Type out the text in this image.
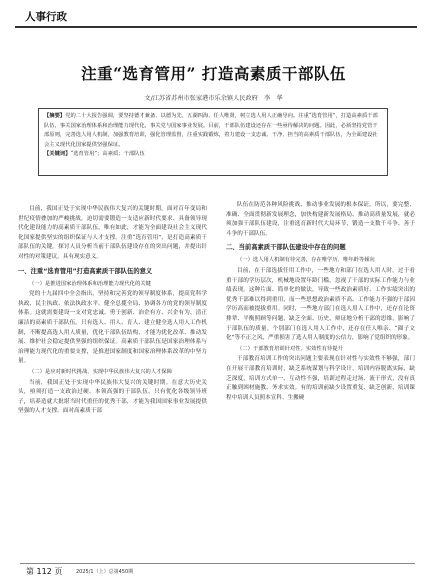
人事行政
注重“选育管用” 打造高素质干部队伍
文/江苏省苏州市张家港市乐余镇人民政府　李　华

【摘要】党的二十大报告强调，要坚持德才兼备、以德为先、五湖四海、任人唯贤，树立选人用人正确导向。注重“选育管用”，打造高素质干部队伍，事关国家治理体系和治理能力现代化，事关党与国家事业发展。目前，干部队伍建设还存在一些亟待解决的问题。因此，必须坚持党管干部原则，完善选人用人机制，加强教育培训，强化管理监督，注重实践锻炼，着力建设一支忠诚、干净、担当的高素质干部队伍，为全面建设社会主义现代化国家提供坚强保证。

【关键词】“选育管用”；高素质；干部队伍

目前，我国正处于实现中华民族伟大复兴的关键时期，面对百年变局和世纪疫情叠加的严峻挑战，迫切需要锻造一支适应新时代要求、具备领导现代化建设能力的高素质干部队伍。唯有如此，才能为全面建设社会主义现代化国家提供坚实的组织保证与人才支撑。注重“选育管用”，是打造高素质干部队伍的关键。探讨人员分析当前干部队伍建设存在的突出问题，并提出针对性的对策建议，具有现实意义。

一、注重“选育管用”打造高素质干部队伍的意义

（一）是推进国家治理体系和治理能力现代化的关键

党的十九届四中全会指出，坚持和完善党的领导制度体系，提高党科学执政、民主执政、依法执政水平。健全总揽全局、协调各方的党的领导制度体系。这就需要建设一支对党忠诚、勇于创新、治企有方、兴企有为、清正廉洁的高素质干部队伍。只有选人、用人、育人、建立健全选人用人工作机制，不断提高选人用人质量，优化干部队伍结构，才能为优化改革、推动发展、维护社会稳定提供坚强的组织保证。高素质干部队伍是国家治理体系与治理能力现代化的重要支撑，是推进国家制度和国家治理体系改革的中坚力量。

（二）是应对新时代挑战、实现中华民族伟大复兴的人才保障

当前，我国正处于实现中华民族伟大复兴的关键时期。在意大历史关头，亟须打造一支政治过硬、本领高强的干部队伍。只有优化各级领导班子，培养造就大批堪当时代重任的优秀干部，才能为我国国家事业发展提供坚强的人才支撑。面对高素质干部

队伍在防范各种风险挑战、推动事业发展的根本保证，所以，要完整、准确、全面贯彻新发展理念，加快构建新发展格局、推动高质量发展，就必须加强干部队伍建设，注重选育新时代大局环节，锻造一支数千斗争、善于斗争的干部队伍。

二、当前高素质干部队伍建设中存在的问题

（一）选人用人机制有待完善，存在唯学历、唯年龄等倾向

目前，在干部选拔任用工作中，一些地方和部门在选人用人时，过于看重干部的学历层次，机械地设置年龄门槛，忽视了干部的实际工作能力与业绩表现。这种片面、简单化的做法，导致一些政治素质好、工作实绩突出的优秀干部难以得到重用，而一些思想政治素质不高、工作能力不强的干部因学历高而被提拔重用。同时，一些地方部门在选人用人工作中，还存在论资排辈、平衡照顾等问题，缺乏全面、历史、辩证地分析干部的思维，影响了干部队伍的质量。个别部门在选人用人工作中，还存在任人唯亲、“圈子文化”等不正之风，严重损害了选人用人制度的公信力，影响了党组织的形象。

（二）干部教育培训针对性、实效性有待提升

干部教育培训工作的突出问题主要表现在针对性与实效性不够强，部门在开展干部教育培训时，缺乏系统谋划与科学设计，培训内容脱离实际，缺乏深度，培训方式单一、互动性不强，培训过程走过场、流于形式，没有真正触到困材施教、务求实效。有的培训前缺少设置重复、缺乏创新，培训课程中培训人员照本宣科、生搬硬

第 112 页	2025/1（上）总第450期
